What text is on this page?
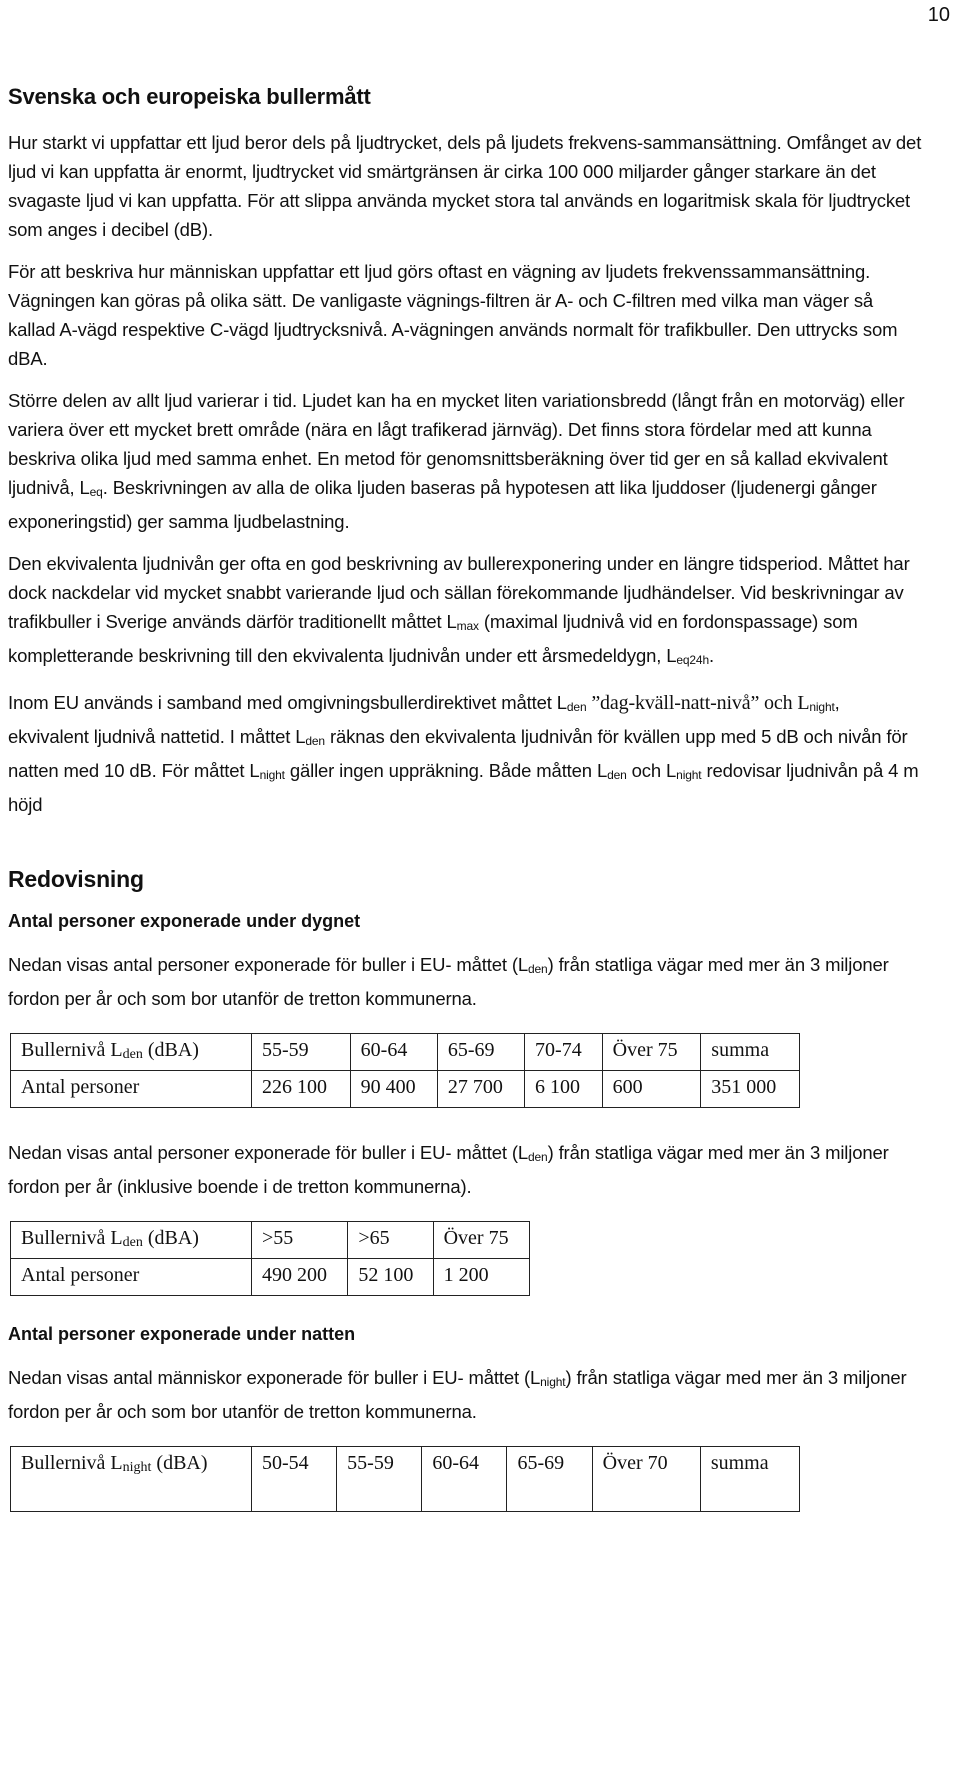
10
Svenska och europeiska bullermått

Hur starkt vi uppfattar ett ljud beror dels på ljudtrycket, dels på ljudets frekvens-sammansättning. Omfånget av det ljud vi kan uppfatta är enormt, ljudtrycket vid smärtgränsen är cirka 100 000 miljarder gånger starkare än det svagaste ljud vi kan uppfatta. För att slippa använda mycket stora tal används en logaritmisk skala för ljudtrycket som anges i decibel (dB).

För att beskriva hur människan uppfattar ett ljud görs oftast en vägning av ljudets frekvenssammansättning. Vägningen kan göras på olika sätt. De vanligaste vägnings-filtren är A- och C-filtren med vilka man väger så kallad A-vägd respektive C-vägd ljudtrycksnivå. A-vägningen används normalt för trafikbuller. Den uttrycks som dBA.

Större delen av allt ljud varierar i tid. Ljudet kan ha en mycket liten variationsbredd (långt från en motorväg) eller variera över ett mycket brett område (nära en lågt trafikerad järnväg). Det finns stora fördelar med att kunna beskriva olika ljud med samma enhet. En metod för genomsnittsberäkning över tid ger en så kallad ekvivalent ljudnivå, $L_{eq}$. Beskrivningen av alla de olika ljuden baseras på hypotesen att lika ljuddoser (ljudenergi gånger exponeringstid) ger samma ljudbelastning.

Den ekvivalenta ljudnivån ger ofta en god beskrivning av bullerexponering under en längre tidsperiod. Måttet har dock nackdelar vid mycket snabbt varierande ljud och sällan förekommande ljudhändelser. Vid beskrivningar av trafikbuller i Sverige används därför traditionellt måttet $L_{max}$ (maximal ljudnivå vid en fordonspassage) som kompletterande beskrivning till den ekvivalenta ljudnivån under ett årsmedeldygn, $L_{eq24h}$.

Inom EU används i samband med omgivningsbullerdirektivet måttet $L_{den}$ ”dag-kväll-natt-nivå” och $L_{night}$, ekvivalent ljudnivå nattetid. I måttet $L_{den}$ räknas den ekvivalenta ljudnivån för kvällen upp med 5 dB och nivån för natten med 10 dB. För måttet $L_{night}$ gäller ingen uppräkning. Både måtten $L_{den}$ och $L_{night}$ redovisar ljudnivån på 4 m höjd

Redovisning
Antal personer exponerade under dygnet

Nedan visas antal personer exponerade för buller i EU- måttet $(L_{den})$ från statliga vägar med mer än 3 miljoner fordon per år och som bor utanför de tretton kommunerna.

Bullernivå $L_{den}$ (dBA)	55-59	60-64	65-69	70-74	Över 75	summa
Antal personer	226 100	90 400	27 700	6 100	600	351 000

Nedan visas antal personer exponerade för buller i EU- måttet $(L_{den})$ från statliga vägar med mer än 3 miljoner fordon per år (inklusive boende i de tretton kommunerna).

Bullernivå $L_{den}$ (dBA)	>55	>65	Över 75
Antal personer	490 200	52 100	1 200
Antal personer exponerade under natten

Nedan visas antal människor exponerade för buller i EU- måttet $(L_{night})$ från statliga vägar med mer än 3 miljoner fordon per år och som bor utanför de tretton kommunerna.

Bullernivå $L_{night}$ (dBA)	50-54	55-59	60-64	65-69	Över 70	summa
